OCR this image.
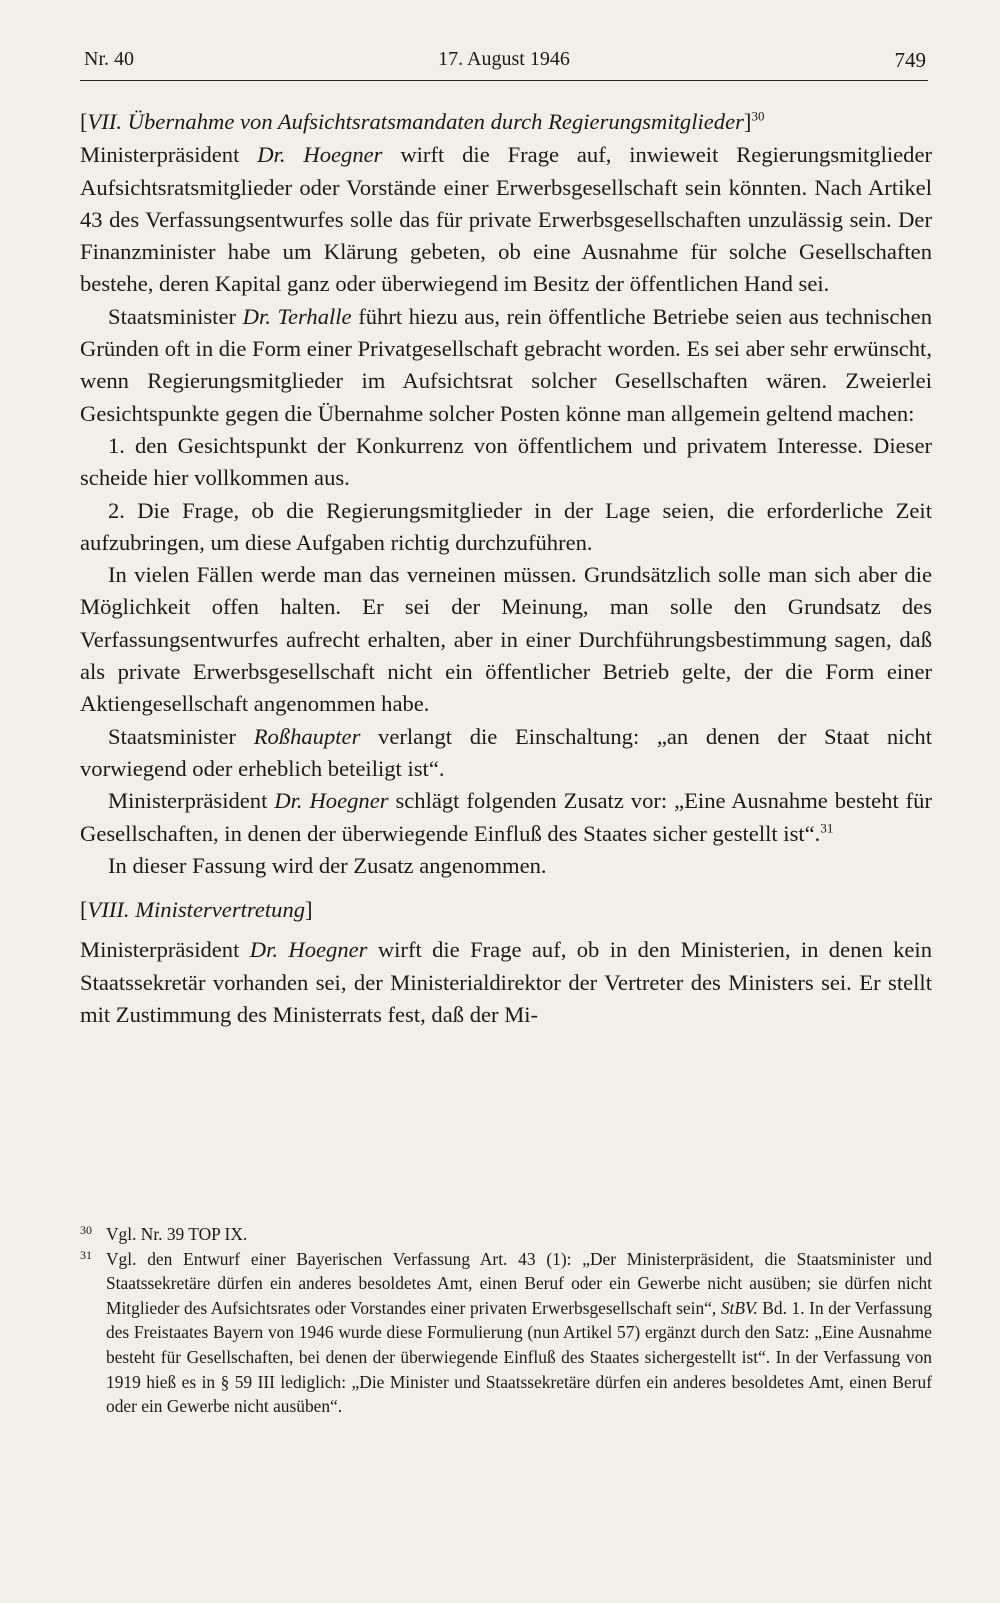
Nr. 40	17. August 1946	749

[VII. Übernahme von Aufsichtsratsmandaten durch Regierungsmitglieder]$^{30}$

Ministerpräsident Dr. Hoegner wirft die Frage auf, inwieweit Regierungsmitglieder Aufsichtsratsmitglieder oder Vorstände einer Erwerbsgesellschaft sein könnten. Nach Artikel 43 des Verfassungsentwurfes solle das für private Erwerbsgesellschaften unzulässig sein. Der Finanzminister habe um Klärung gebeten, ob eine Ausnahme für solche Gesellschaften bestehe, deren Kapital ganz oder überwiegend im Besitz der öffentlichen Hand sei.

Staatsminister Dr. Terhalle führt hiezu aus, rein öffentliche Betriebe seien aus technischen Gründen oft in die Form einer Privatgesellschaft gebracht worden. Es sei aber sehr erwünscht, wenn Regierungsmitglieder im Aufsichtsrat solcher Gesellschaften wären. Zweierlei Gesichtspunkte gegen die Übernahme solcher Posten könne man allgemein geltend machen:

1. den Gesichtspunkt der Konkurrenz von öffentlichem und privatem Interesse. Dieser scheide hier vollkommen aus.

2. Die Frage, ob die Regierungsmitglieder in der Lage seien, die erforderliche Zeit aufzubringen, um diese Aufgaben richtig durchzuführen.

In vielen Fällen werde man das verneinen müssen. Grundsätzlich solle man sich aber die Möglichkeit offen halten. Er sei der Meinung, man solle den Grundsatz des Verfassungsentwurfes aufrecht erhalten, aber in einer Durchführungsbestimmung sagen, daß als private Erwerbsgesellschaft nicht ein öffentlicher Betrieb gelte, der die Form einer Aktiengesellschaft angenommen habe.

Staatsminister Roßhaupter verlangt die Einschaltung: „an denen der Staat nicht vorwiegend oder erheblich beteiligt ist“.

Ministerpräsident Dr. Hoegner schlägt folgenden Zusatz vor: „Eine Ausnahme besteht für Gesellschaften, in denen der überwiegende Einfluß des Staates sicher gestellt ist“.$^{31}$

In dieser Fassung wird der Zusatz angenommen.

[VIII. Ministervertretung]

Ministerpräsident Dr. Hoegner wirft die Frage auf, ob in den Ministerien, in denen kein Staatssekretär vorhanden sei, der Ministerialdirektor der Vertreter des Ministers sei. Er stellt mit Zustimmung des Ministerrats fest, daß der Mi-

30 Vgl. Nr. 39 TOP IX.

31 Vgl. den Entwurf einer Bayerischen Verfassung Art. 43 (1): „Der Ministerpräsident, die Staatsminister und Staatssekretäre dürfen ein anderes besoldetes Amt, einen Beruf oder ein Gewerbe nicht ausüben; sie dürfen nicht Mitglieder des Aufsichtsrates oder Vorstandes einer privaten Erwerbsgesellschaft sein“, StBV. Bd. 1. In der Verfassung des Freistaates Bayern von 1946 wurde diese Formulierung (nun Artikel 57) ergänzt durch den Satz: „Eine Ausnahme besteht für Gesellschaften, bei denen der überwiegende Einfluß des Staates sichergestellt ist“. In der Verfassung von 1919 hieß es in § 59 III lediglich: „Die Minister und Staatssekretäre dürfen ein anderes besoldetes Amt, einen Beruf oder ein Gewerbe nicht ausüben“.
